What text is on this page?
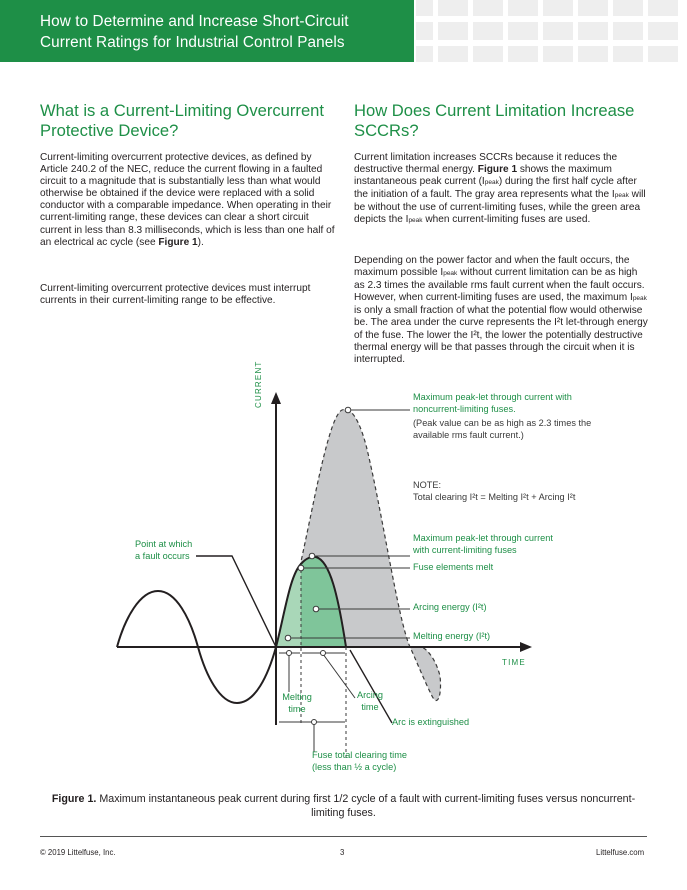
How to Determine and Increase Short-Circuit
Current Ratings for Industrial Control Panels
What is a Current-Limiting Overcurrent
Protective Device?
Current-limiting overcurrent protective devices, as defined by Article 240.2 of the NEC, reduce the current flowing in a faulted circuit to a magnitude that is substantially less than what would otherwise be obtained if the device were replaced with a solid conductor with a comparable impedance. When operating in their current-limiting range, these devices can clear a short circuit current in less than 8.3 milliseconds, which is less than one half of an electrical ac cycle (see Figure 1).
Current-limiting overcurrent protective devices must interrupt currents in their current-limiting range to be effective.
How Does Current Limitation Increase
SCCRs?
Current limitation increases SCCRs because it reduces the destructive thermal energy. Figure 1 shows the maximum instantaneous peak current (Ipeak) during the first half cycle after the initiation of a fault. The gray area represents what the Ipeak will be without the use of current-limiting fuses, while the green area depicts the Ipeak when current-limiting fuses are used.
Depending on the power factor and when the fault occurs, the maximum possible Ipeak without current limitation can be as high as 2.3 times the available rms fault current when the fault occurs. However, when current-limiting fuses are used, the maximum Ipeak is only a small fraction of what the potential flow would otherwise be. The area under the curve represents the I²t let-through energy of the fuse. The lower the I²t, the lower the potentially destructive thermal energy will be that passes through the circuit when it is interrupted.
CURRENT
TIME
Maximum peak-let through current with
noncurrent-limiting fuses.
(Peak value can be as high as 2.3 times the
available rms fault current.)
NOTE:
Total clearing I²t = Melting I²t + Arcing I²t
Maximum peak-let through current
with current-limiting fuses
Fuse elements melt
Arcing energy (I²t)
Melting energy (I²t)
Point at which
a fault occurs
Melting
time
Arcing
time
Arc is extinguished
Fuse total clearing time
(less than ½ a cycle)
Figure 1. Maximum instantaneous peak current during first 1/2 cycle of a fault with current-limiting fuses versus noncurrent-limiting fuses.
© 2019 Littelfuse, Inc.	3	Littelfuse.com
